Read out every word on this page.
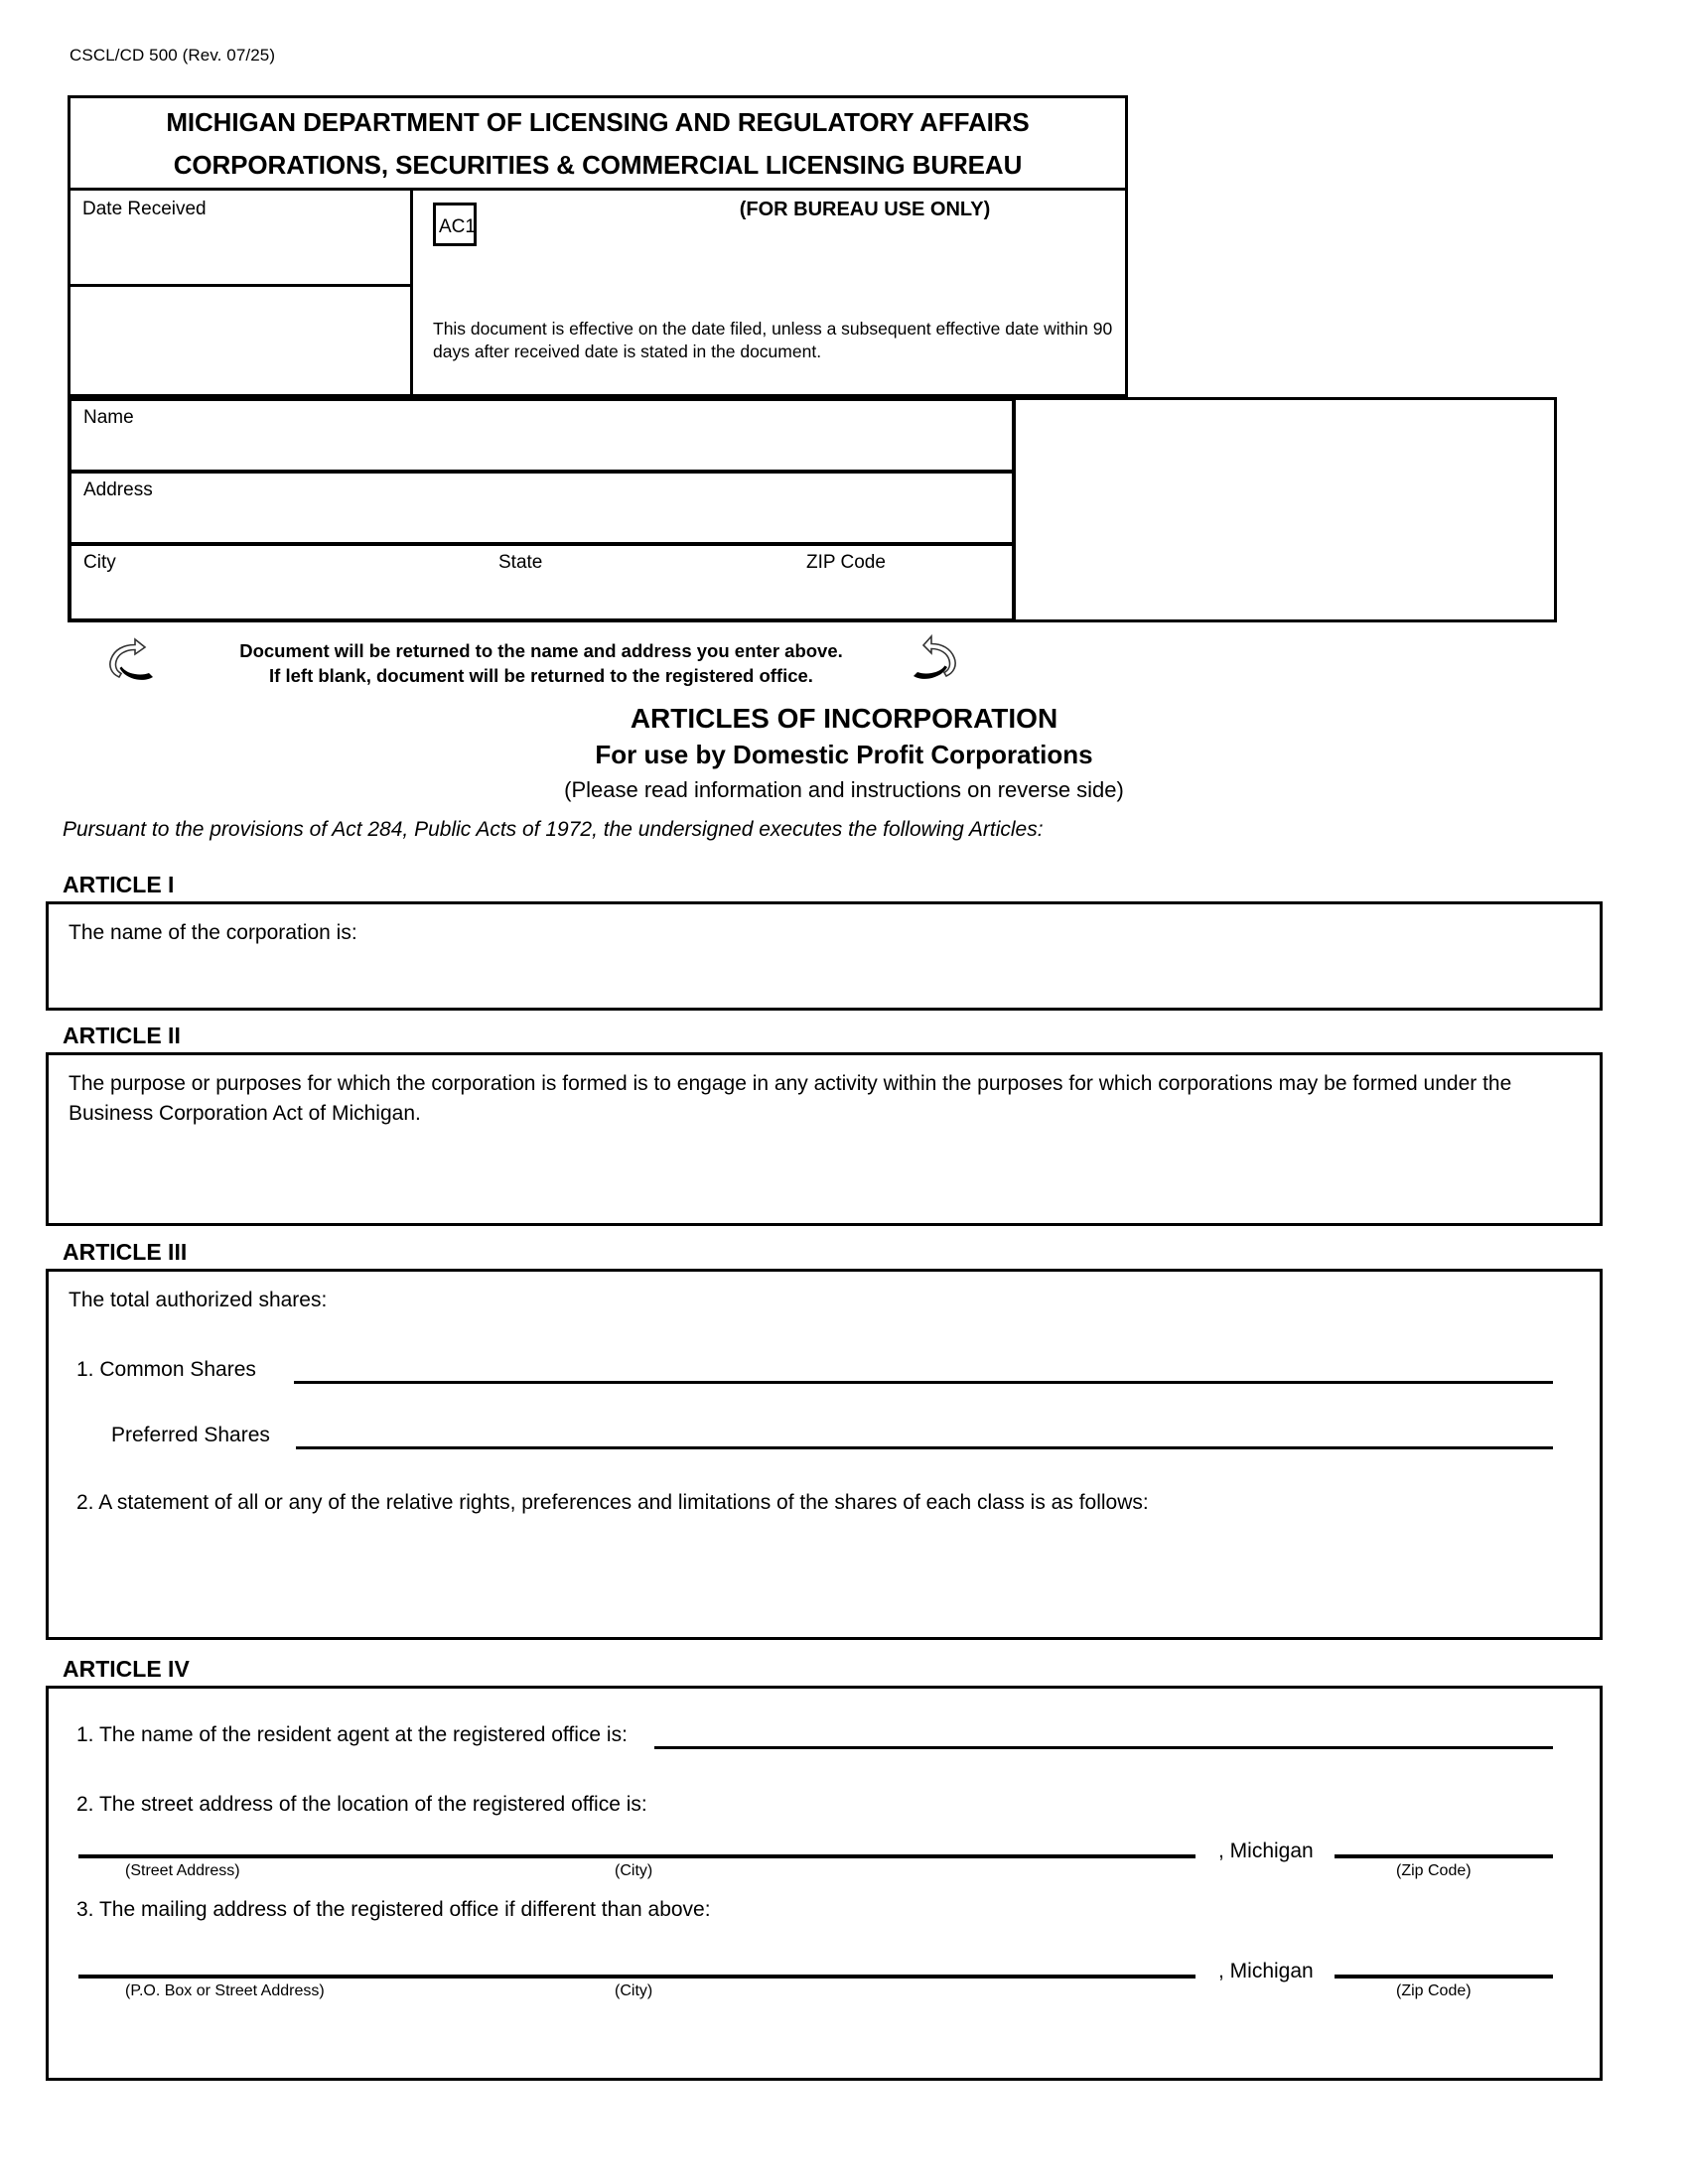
CSCL/CD 500 (Rev. 07/25)
MICHIGAN DEPARTMENT OF LICENSING AND REGULATORY AFFAIRS
CORPORATIONS, SECURITIES & COMMERCIAL LICENSING BUREAU
Date Received
AC1
(FOR BUREAU USE ONLY)
This document is effective on the date filed, unless a subsequent effective date within 90 days after received date is stated in the document.
Name
Address
City	State	ZIP Code
Document will be returned to the name and address you enter above.
If left blank, document will be returned to the registered office.
ARTICLES OF INCORPORATION
For use by Domestic Profit Corporations
(Please read information and instructions on reverse side)
Pursuant to the provisions of Act 284, Public Acts of 1972, the undersigned executes the following Articles:
ARTICLE I
The name of the corporation is:
ARTICLE II
The purpose or purposes for which the corporation is formed is to engage in any activity within the purposes for which corporations may be formed under the Business Corporation Act of Michigan.
ARTICLE III
The total authorized shares:
1. Common Shares
Preferred Shares
2. A statement of all or any of the relative rights, preferences and limitations of the shares of each class is as follows:
ARTICLE IV
1. The name of the resident agent at the registered office is:
2. The street address of the location of the registered office is:
(Street Address)	(City)
, Michigan
(Zip Code)
3. The mailing address of the registered office if different than above:
(P.O. Box or Street Address)	(City)
, Michigan
(Zip Code)
